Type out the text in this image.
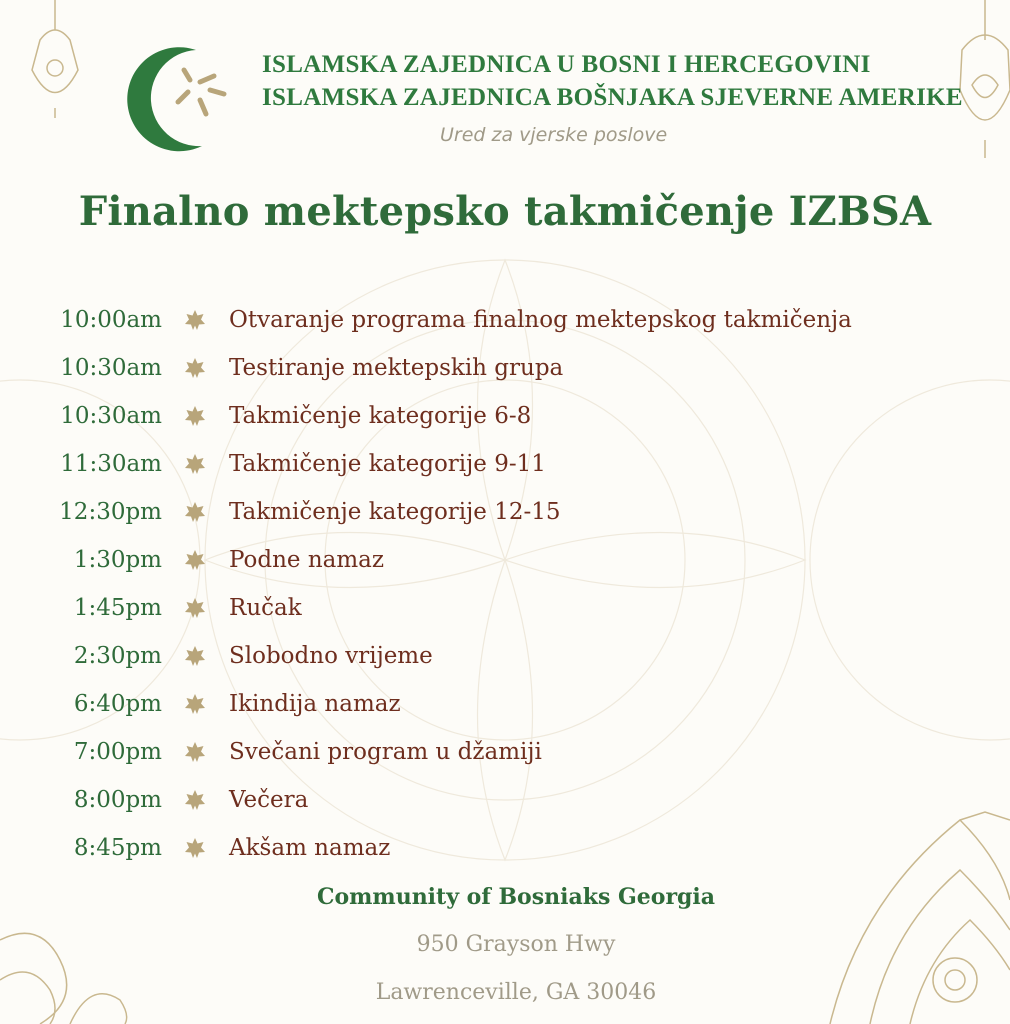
ISLAMSKA ZAJEDNICA U BOSNI I HERCEGOVINI
ISLAMSKA ZAJEDNICA BOŠNJAKA SJEVERNE AMERIKE
Ured za vjerske poslove
Finalno mektepsko takmičenje IZBSA
10:00am	Otvaranje programa finalnog mektepskog takmičenja
10:30am	Testiranje mektepskih grupa
10:30am	Takmičenje kategorije 6-8
11:30am	Takmičenje kategorije 9-11
12:30pm	Takmičenje kategorije 12-15
1:30pm	Podne namaz
1:45pm	Ručak
2:30pm	Slobodno vrijeme
6:40pm	Ikindija namaz
7:00pm	Svečani program u džamiji
8:00pm	Večera
8:45pm	Akšam namaz
Community of Bosniaks Georgia
950 Grayson Hwy
Lawrenceville, GA 30046
